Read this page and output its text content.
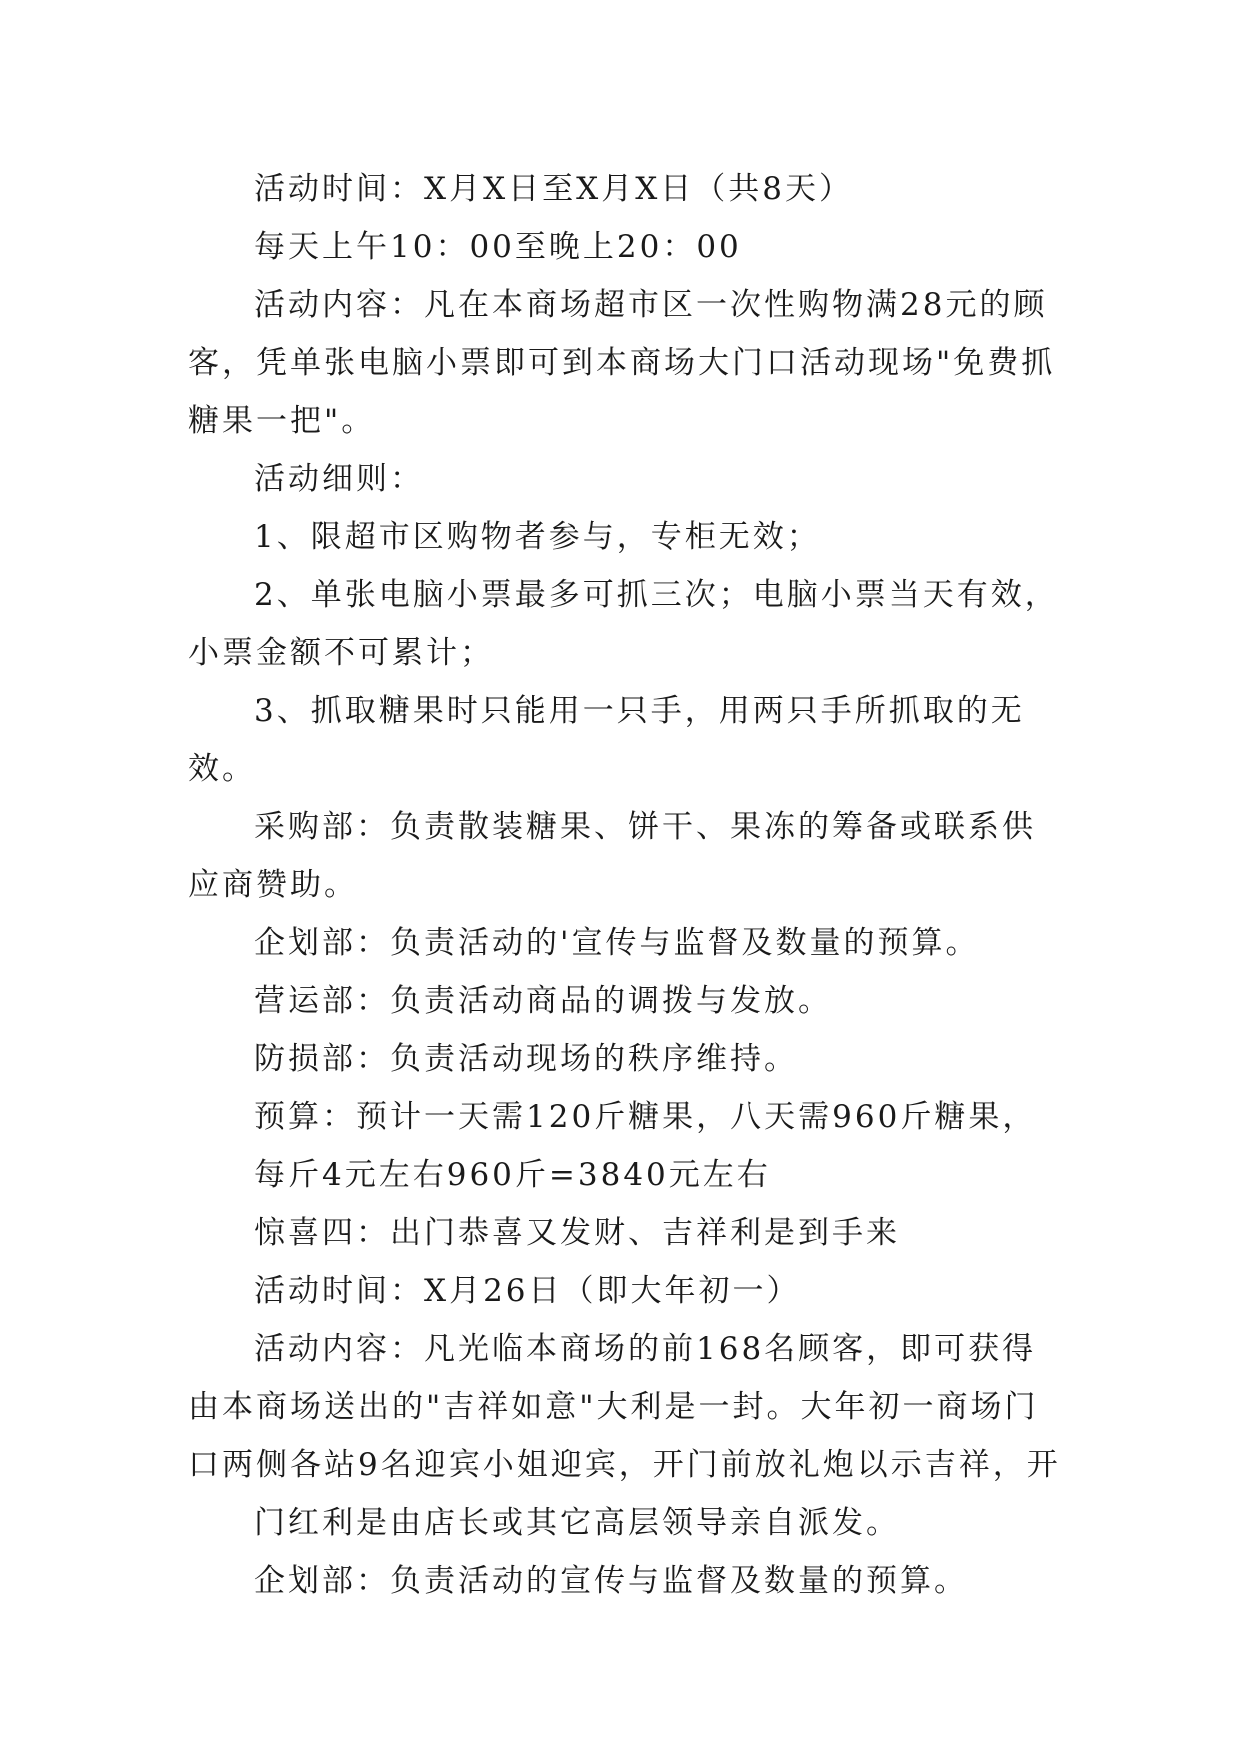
活动时间：X月X日至X月X日（共8天）

每天上午10：00至晚上20：00

活动内容：凡在本商场超市区一次性购物满28元的顾客，凭单张电脑小票即可到本商场大门口活动现场"免费抓糖果一把"。

活动细则：

1、限超市区购物者参与，专柜无效；

2、单张电脑小票最多可抓三次；电脑小票当天有效，小票金额不可累计；

3、抓取糖果时只能用一只手，用两只手所抓取的无效。

采购部：负责散装糖果、饼干、果冻的筹备或联系供应商赞助。

企划部：负责活动的'宣传与监督及数量的预算。

营运部：负责活动商品的调拨与发放。

防损部：负责活动现场的秩序维持。

预算：预计一天需120斤糖果，八天需960斤糖果，

每斤4元左右960斤=3840元左右

惊喜四：出门恭喜又发财、吉祥利是到手来

活动时间：X月26日（即大年初一）

活动内容：凡光临本商场的前168名顾客，即可获得由本商场送出的"吉祥如意"大利是一封。大年初一商场门口两侧各站9名迎宾小姐迎宾，开门前放礼炮以示吉祥，开

门红利是由店长或其它高层领导亲自派发。

企划部：负责活动的宣传与监督及数量的预算。
